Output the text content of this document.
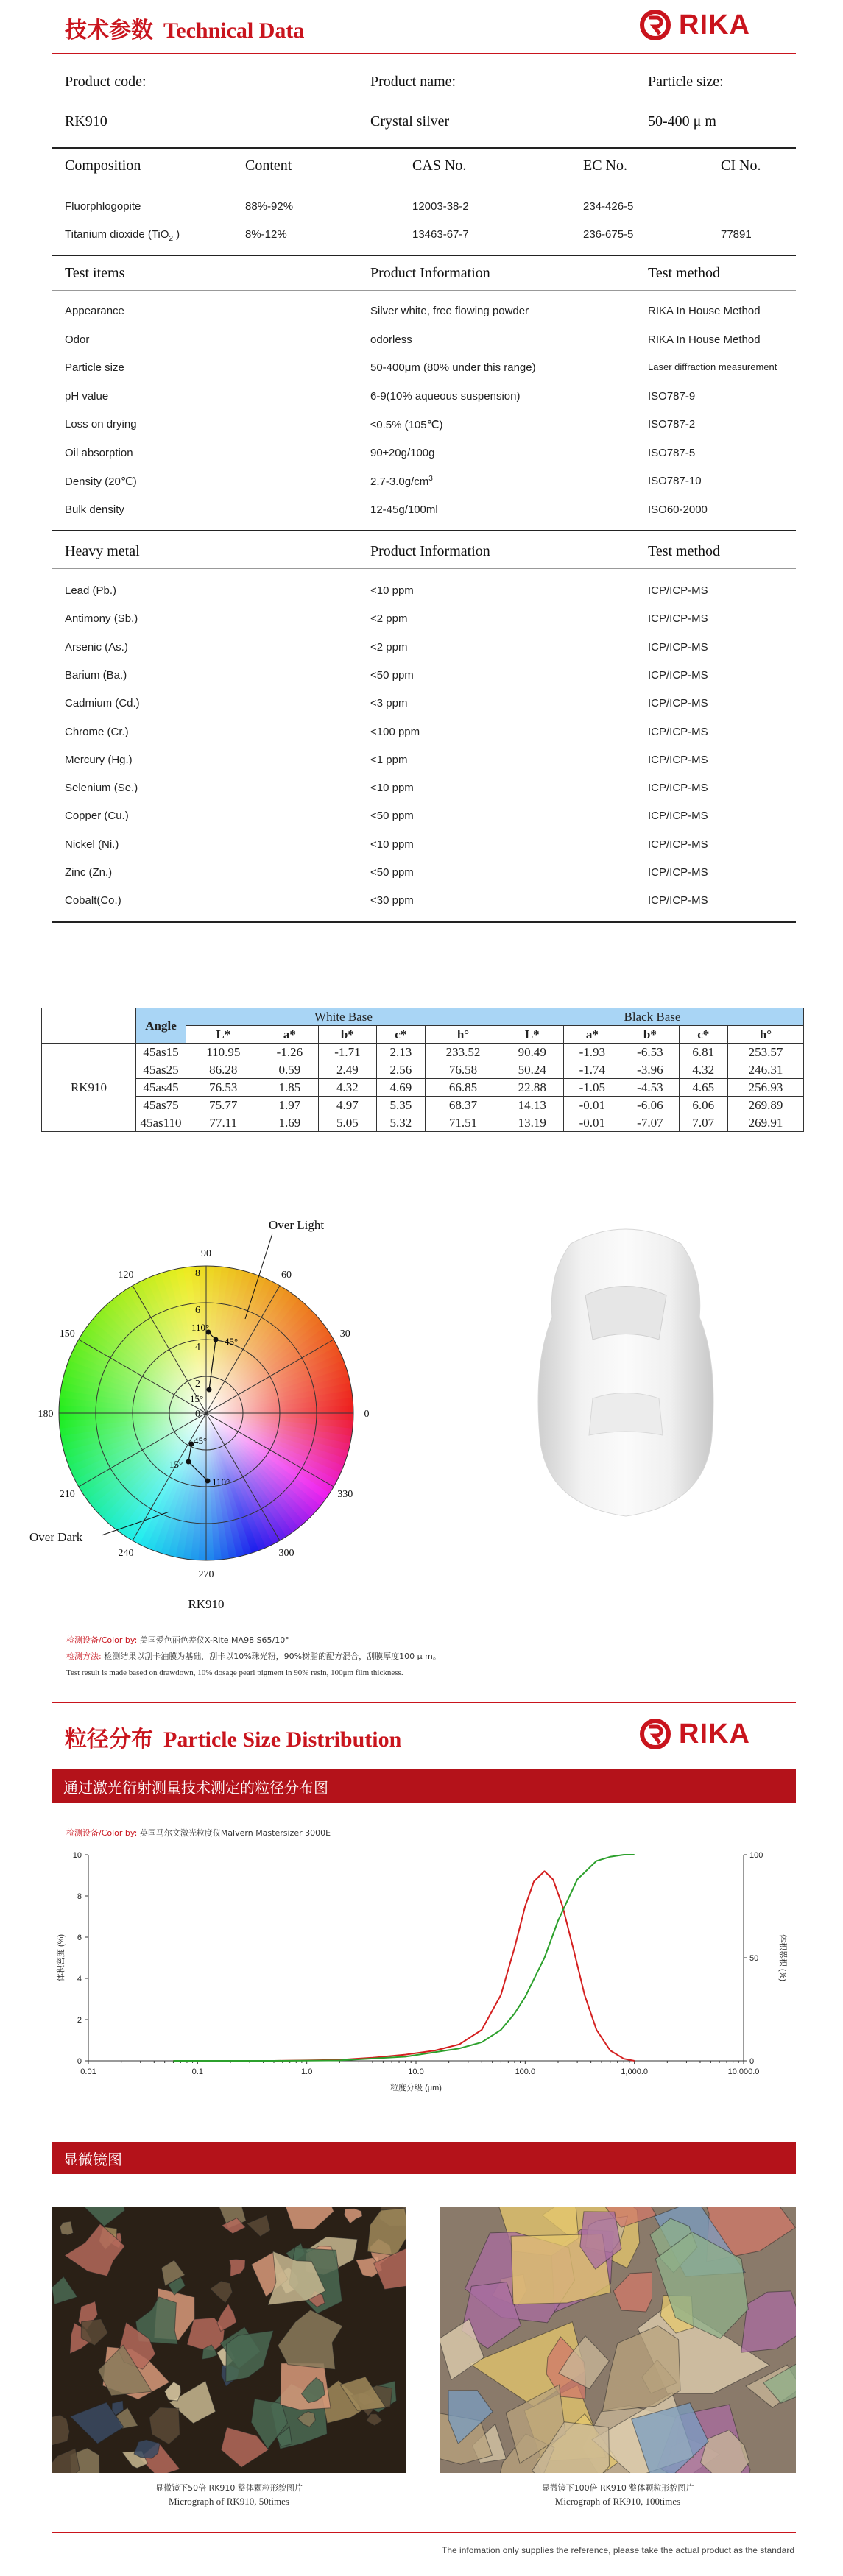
技术参数 Technical Data	RIKA
Product code:	Product name:	Particle size:
RK910	Crystal silver	50-400 μ m
Composition	Content	CAS No.	EC No.	CI No.
Fluorphlogopite	88%-92%	12003-38-2	234-426-5
Titanium dioxide (TiO$_2$ )	8%-12%	13463-67-7	236-675-5	77891
Test items	Product Information	Test method
Appearance	Silver white, free flowing powder	RIKA In House Method
Odor	odorless	RIKA In House Method
Particle size	50-400μm (80% under this range)	Laser diffraction measurement
pH value	6-9(10% aqueous suspension)	ISO787-9
Loss on drying	≤0.5% (105℃)	ISO787-2
Oil absorption	90±20g/100g	ISO787-5
Density (20℃)	$2.7-3.0g/cm^3$	ISO787-10
Bulk density	12-45g/100ml	ISO60-2000
Heavy metal	Product Information	Test method
Lead (Pb.)	<10 ppm	ICP/ICP-MS
Antimony (Sb.)	<2 ppm	ICP/ICP-MS
Arsenic (As.)	<2 ppm	ICP/ICP-MS
Barium (Ba.)	<50 ppm	ICP/ICP-MS
Cadmium (Cd.)	<3 ppm	ICP/ICP-MS
Chrome (Cr.)	<100 ppm	ICP/ICP-MS
Mercury (Hg.)	<1 ppm	ICP/ICP-MS
Selenium (Se.)	<10 ppm	ICP/ICP-MS
Copper (Cu.)	<50 ppm	ICP/ICP-MS
Nickel (Ni.)	<10 ppm	ICP/ICP-MS
Zinc (Zn.)	<50 ppm	ICP/ICP-MS
Cobalt(Co.)	<30 ppm	ICP/ICP-MS
	Angle	White Base					Black Base				
		L*	a*	b*	c*	h°	L*	a*	b*	c*	h°
RK910	45as15	110.95	-1.26	-1.71	2.13	233.52	90.49	-1.93	-6.53	6.81	253.57
	45as25	86.28	0.59	2.49	2.56	76.58	50.24	-1.74	-3.96	4.32	246.31
	45as45	76.53	1.85	4.32	4.69	66.85	22.88	-1.05	-4.53	4.65	256.93
	45as75	75.77	1.97	4.97	5.35	68.37	14.13	-0.01	-6.06	6.06	269.89
	45as110	77.11	1.69	5.05	5.32	71.51	13.19	-0.01	-7.07	7.07	269.91
90
60
30
0
330
300
270
240
210
180
150
120
2
4
6
8
0
Over Light
Over Dark
RK910
110°
45°
15°
45°
15°
110°
检测设备/Color by: 美国爱色丽色差仪X-Rite MA98 S65/10°
检测方法: 检测结果以刮卡油膜为基础，刮卡以10%珠光粉，90%树脂的配方混合，刮膜厚度100 μ m。
Test result is made based on drawdown, 10% dosage pearl pigment in 90% resin, 100μm film thickness.
粒径分布 Particle Size Distribution	RIKA
通过激光衍射测量技术测定的粒径分布图
检测设备/Color by: 英国马尔文激光粒度仪Malvern Mastersizer 3000E
0.01	0.1	1.0	10.0	100.0	1,000.0	10,000.0
0
2
4
6
8
10
0
50
100
粒度分级 (μm)
体积密度 (%)	体积累积 (%)
显微镜图
显微镜下50倍 RK910 整体颗粒形貌图片
Micrograph of RK910, 50times
显微镜下100倍 RK910 整体颗粒形貌图片
Micrograph of RK910, 100times
The infomation only supplies the reference, please take the actual product as the standard
